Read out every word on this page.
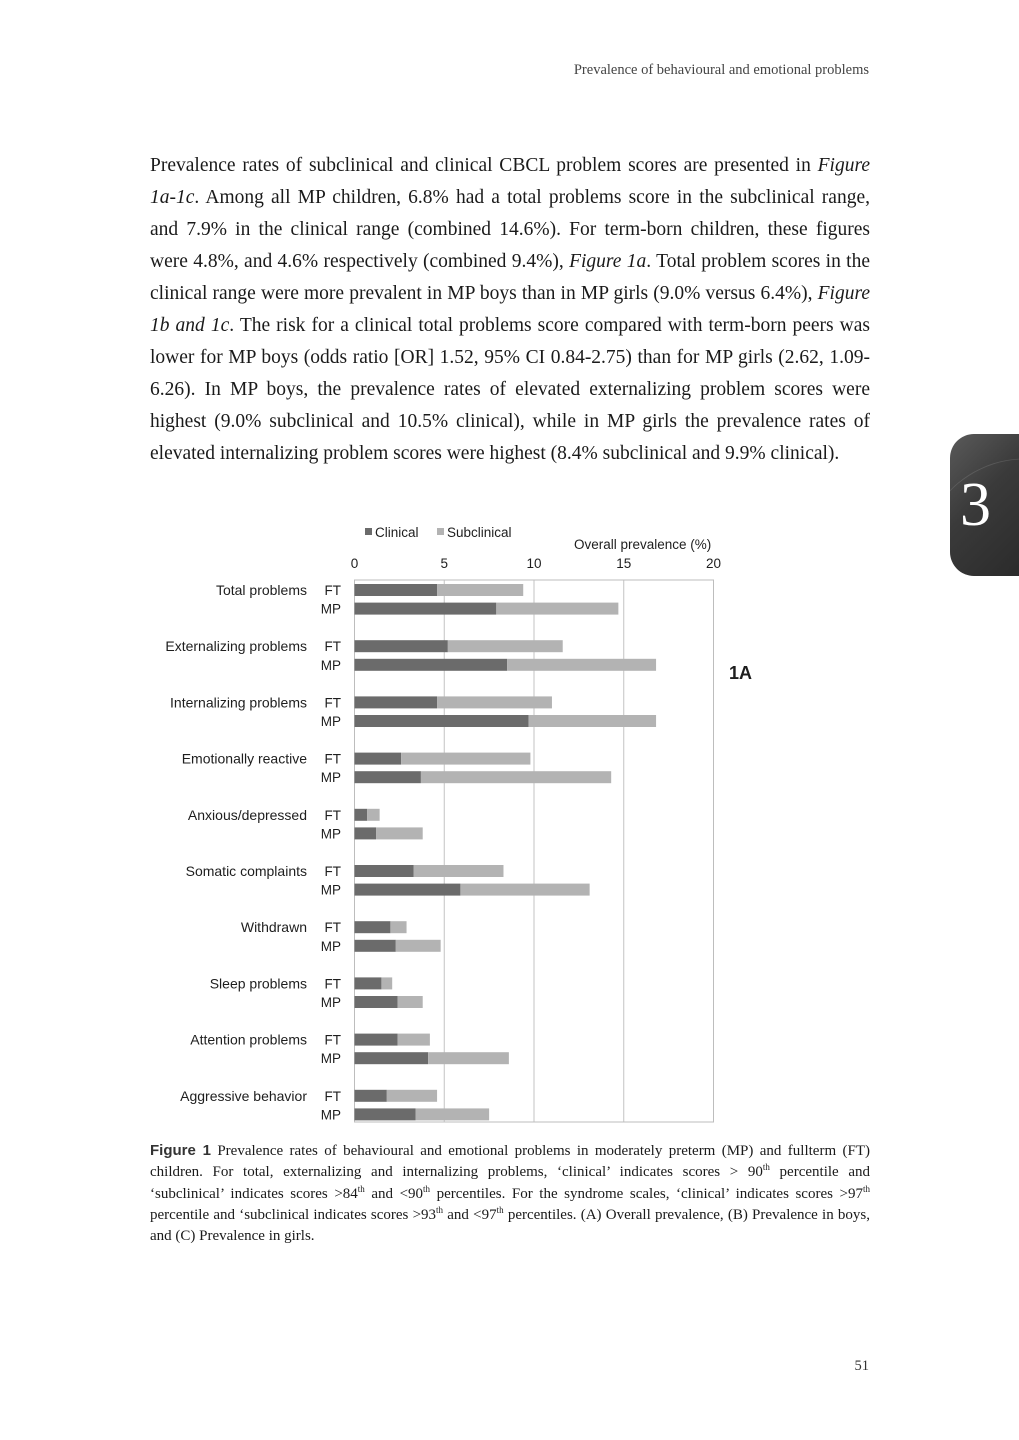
Prevalence of behavioural and emotional problems
3

Prevalence rates of subclinical and clinical CBCL problem scores are presented in Figure 1a-1c. Among all MP children, 6.8% had a total problems score in the subclinical range, and 7.9% in the clinical range (combined 14.6%). For term-born children, these figures were 4.8%, and 4.6% respectively (combined 9.4%), Figure 1a. Total problem scores in the clinical range were more prevalent in MP boys than in MP girls (9.0% versus 6.4%), Figure 1b and 1c. The risk for a clinical total problems score compared with term-born peers was lower for MP boys (odds ratio [OR] 1.52, 95% CI 0.84-2.75) than for MP girls (2.62, 1.09-6.26). In MP boys, the prevalence rates of elevated externalizing problem scores were highest (9.0% subclinical and 10.5% clinical), while in MP girls the prevalence rates of elevated internalizing problem scores were highest (8.4% subclinical and 9.9% clinical).

Clinical Subclinical
Overall prevalence (%)
0	5	10	15	20
Total problems FT
MP
Externalizing problems FT
MP
Internalizing problems FT
MP
Emotionally reactive FT
MP
Anxious/depressed FT
MP
Somatic complaints FT
MP
Withdrawn FT
MP
Sleep problems FT
MP
Attention problems FT
MP
Aggressive behavior FT
MP
1A

Figure 1 Prevalence rates of behavioural and emotional problems in moderately preterm (MP) and fullterm (FT) children. For total, externalizing and internalizing problems, ‘clinical’ indicates scores > 90th percentile and ‘subclinical’ indicates scores >84th and <90th percentiles. For the syndrome scales, ‘clinical’ indicates scores >97th percentile and ‘subclinical indicates scores >93th and <97th percentiles. (A) Overall prevalence, (B) Prevalence in boys, and (C) Prevalence in girls.

51
